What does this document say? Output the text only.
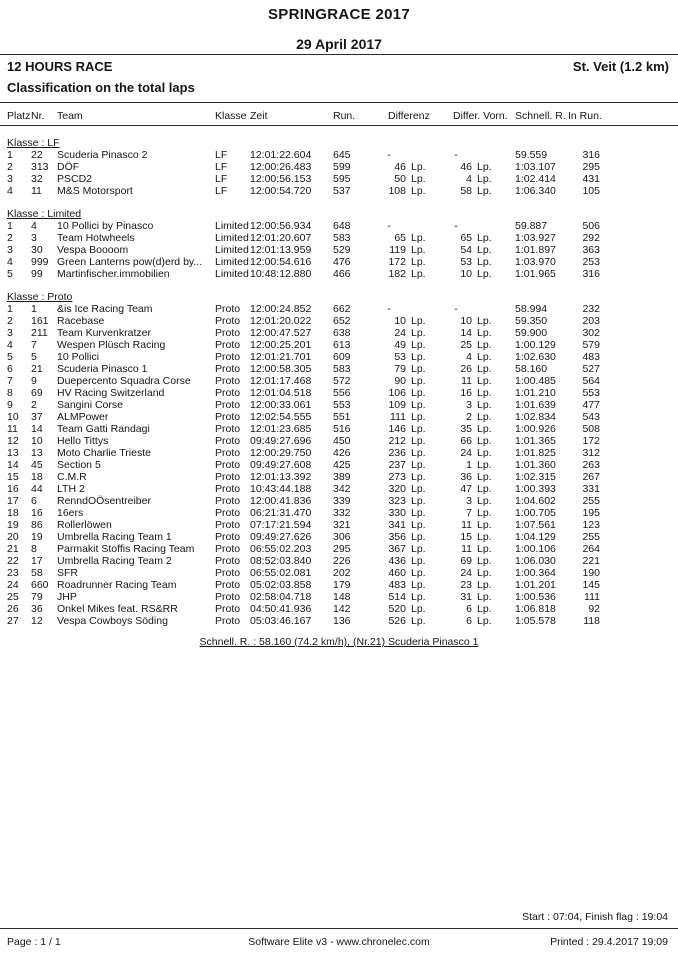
SPRINGRACE 2017
29 April 2017
12 HOURS RACE	St. Veit (1.2 km)
Classification on the total laps
Platz Nr. Team	Klasse Zeit	Run.	Differenz Differ. Vorn. Schnell. R. In Run.
Klasse : LF
1 22 Scuderia Pinasco 2	LF 12:01:22.604 645	-	-	59.559	316
2 313 DÖF	LF 12:00:26.483 599	46 Lp.	46 Lp. 1:03.107	295
3 32 PSCD2	LF 12:00:56.153 595	50 Lp.	4 Lp. 1:02.414	431
4 11 M&S Motorsport	LF 12:00:54.720 537	108 Lp.	58 Lp. 1:06.340	105
Klasse : Limited
1 4 10 Pollici by Pinasco	Limited 12:00:56.934 648	-	-	59.887	506
2 3 Team Hotwheels	Limited 12:01:20.607 583	65 Lp.	65 Lp. 1:03.927	292
3 30 Vespa Boooom	Limited 12:01:13.959 529	119 Lp.	54 Lp. 1:01.897	363
4 999 Green Lanterns pow(d)erd by... Limited 12:00:54.616 476	172 Lp.	53 Lp. 1:03.970	253
5 99 Martinfischer.immobilien	Limited 10:48:12.880 466	182 Lp.	10 Lp. 1:01.965	316
Klasse : Proto
1 1 &is Ice Racing Team	Proto 12:00:24.852 662	-	-	58.994	232
2 161 Racebase	Proto 12:01:20.022 652	10 Lp.	10 Lp. 59.350	203
3 211 Team Kurvenkratzer	Proto 12:00:47.527 638	24 Lp.	14 Lp. 59.900	302
4 7 Wespen Plüsch Racing	Proto 12:00:25.201 613	49 Lp.	25 Lp. 1:00.129	579
5 5 10 Pollici	Proto 12:01:21.701 609	53 Lp.	4 Lp. 1:02.630	483
6 21 Scuderia Pinasco 1	Proto 12:00:58.305 583	79 Lp.	26 Lp. 58.160	527
7 9 Duepercento Squadra Corse Proto 12:01:17.468 572	90 Lp.	11 Lp. 1:00.485	564
8 69 HV Racing Switzerland	Proto 12:01:04.518 556	106 Lp.	16 Lp. 1:01.210	553
9 2 Sangini Corse	Proto 12:00:33.061 553	109 Lp.	3 Lp. 1:01.639	477
10 37 ALMPower	Proto 12:02:54.555 551	111 Lp.	2 Lp. 1:02.834	543
11 14 Team Gatti Randagi	Proto 12:01:23.685 516	146 Lp.	35 Lp. 1:00.926	508
12 10 Hello Tittys	Proto 09:49:27.696 450	212 Lp.	66 Lp. 1:01.365	172
13 13 Moto Charlie Trieste	Proto 12:00:29.750 426	236 Lp.	24 Lp. 1:01.825	312
14 45 Section 5	Proto 09:49:27.608 425	237 Lp.	1 Lp. 1:01.360	263
15 18 C.M.R	Proto 12:01:13.392 389	273 Lp.	36 Lp. 1:02.315	267
16 44 LTH 2	Proto 10:43:44.188 342	320 Lp.	47 Lp. 1:00.393	331
17 6 RenndOÖsentreiber	Proto 12:00:41.836 339	323 Lp.	3 Lp. 1:04.602	255
18 16 16ers	Proto 06:21:31.470 332	330 Lp.	7 Lp. 1:00.705	195
19 86 Rollerlöwen	Proto 07:17:21.594 321	341 Lp.	11 Lp. 1:07.561	123
20 19 Umbrella Racing Team 1	Proto 09:49:27.626 306	356 Lp.	15 Lp. 1:04.129	255
21 8 Parmakit Stoffis Racing Team Proto 06:55:02.203 295	367 Lp.	11 Lp. 1:00.106	264
22 17 Umbrella Racing Team 2	Proto 08:52:03.840 226	436 Lp.	69 Lp. 1:06.030	221
23 58 SFR	Proto 06:55:02.081 202	460 Lp.	24 Lp. 1:00.364	190
24 660 Roadrunner Racing Team	Proto 05:02:03.858 179	483 Lp.	23 Lp. 1:01.201	145
25 79 JHP	Proto 02:58:04.718 148	514 Lp.	31 Lp. 1:00.536	111
26 36 Onkel Mikes feat. RS&RR	Proto 04:50:41.936 142	520 Lp.	6 Lp. 1:06.818	92
27 12 Vespa Cowboys Söding	Proto 05:03:46.167 136	526 Lp.	6 Lp. 1:05.578	118
Schnell. R. : 58.160 (74.2 km/h), (Nr.21) Scuderia Pinasco 1
Start : 07:04, Finish flag : 19:04
Software Elite v3 - www.chronelec.com
Page : 1 / 1	Printed : 29.4.2017 19:09
